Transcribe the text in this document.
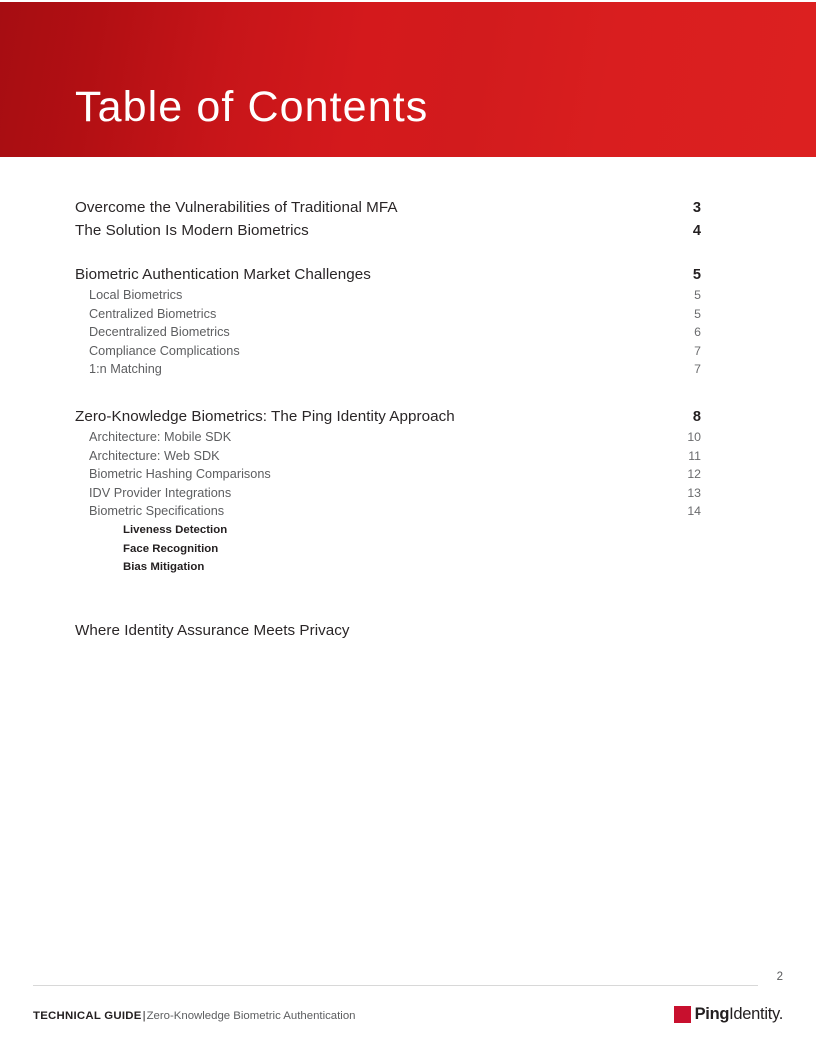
Table of Contents
Overcome the Vulnerabilities of Traditional MFA	3
The Solution Is Modern Biometrics	4
Biometric Authentication Market Challenges	5
Local Biometrics	5
Centralized Biometrics	5
Decentralized Biometrics	6
Compliance Complications	7
1:n Matching	7
Zero-Knowledge Biometrics: The Ping Identity Approach	8
Architecture: Mobile SDK	10
Architecture: Web SDK	11
Biometric Hashing Comparisons	12
IDV Provider Integrations	13
Biometric Specifications	14
Liveness Detection
Face Recognition
Bias Mitigation
Where Identity Assurance Meets Privacy
2
TECHNICAL GUIDE|Zero-Knowledge Biometric Authentication	Ping Identity.
